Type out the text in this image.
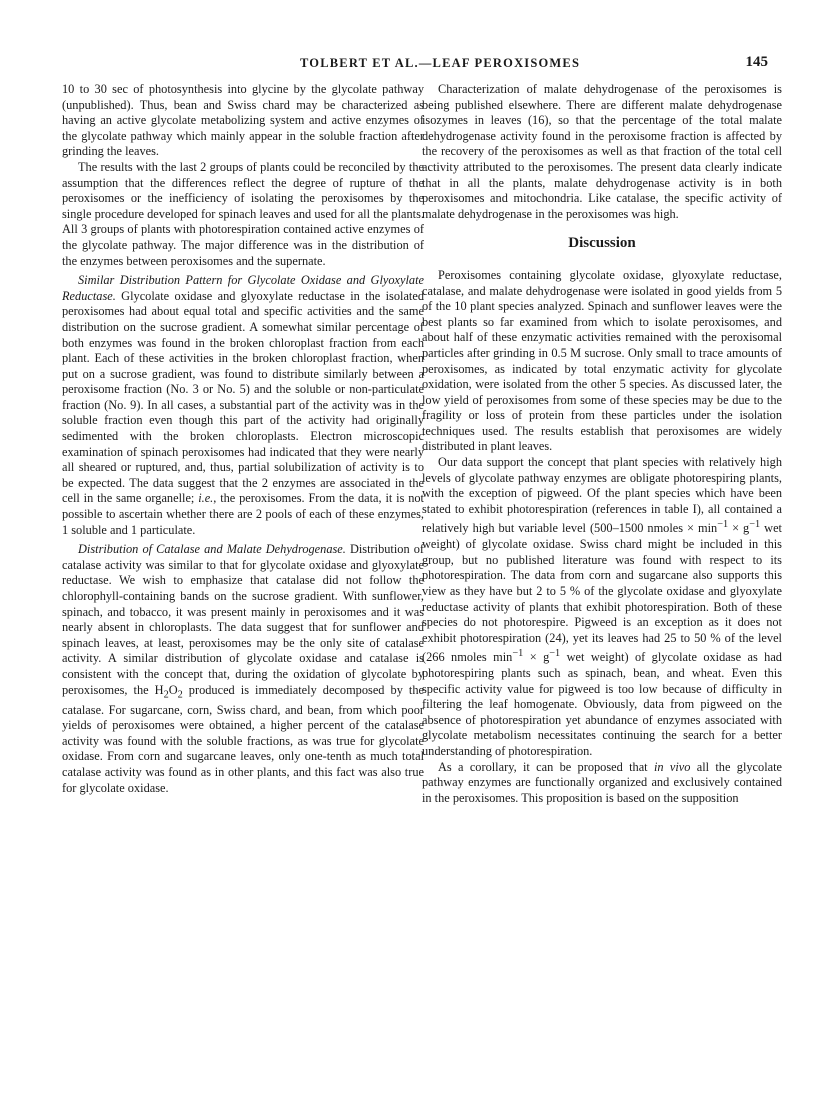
TOLBERT ET AL.—LEAF PEROXISOMES	145

10 to 30 sec of photosynthesis into glycine by the glycolate pathway (unpublished). Thus, bean and Swiss chard may be characterized as having an active glycolate metabolizing system and active enzymes of the glycolate pathway which mainly appear in the soluble fraction after grinding the leaves.

The results with the last 2 groups of plants could be reconciled by the assumption that the differences reflect the degree of rupture of the peroxisomes or the inefficiency of isolating the peroxisomes by the single procedure developed for spinach leaves and used for all the plants. All 3 groups of plants with photorespiration contained active enzymes of the glycolate pathway. The major difference was in the distribution of the enzymes between peroxisomes and the supernate.

Similar Distribution Pattern for Glycolate Oxidase and Glyoxylate Reductase. Glycolate oxidase and glyoxylate reductase in the isolated peroxisomes had about equal total and specific activities and the same distribution on the sucrose gradient. A somewhat similar percentage of both enzymes was found in the broken chloroplast fraction from each plant. Each of these activities in the broken chloroplast fraction, when put on a sucrose gradient, was found to distribute similarly between a peroxisome fraction (No. 3 or No. 5) and the soluble or non-particulate fraction (No. 9). In all cases, a substantial part of the activity was in the soluble fraction even though this part of the activity had originally sedimented with the broken chloroplasts. Electron microscopic examination of spinach peroxisomes had indicated that they were nearly all sheared or ruptured, and, thus, partial solubilization of activity is to be expected. The data suggest that the 2 enzymes are associated in the cell in the same organelle; i.e., the peroxisomes. From the data, it is not possible to ascertain whether there are 2 pools of each of these enzymes, 1 soluble and 1 particulate.

Distribution of Catalase and Malate Dehydrogenase. Distribution of catalase activity was similar to that for glycolate oxidase and glyoxylate reductase. We wish to emphasize that catalase did not follow the chlorophyll-containing bands on the sucrose gradient. With sunflower, spinach, and tobacco, it was present mainly in peroxisomes and it was nearly absent in chloroplasts. The data suggest that for sunflower and spinach leaves, at least, peroxisomes may be the only site of catalase activity. A similar distribution of glycolate oxidase and catalase is consistent with the concept that, during the oxidation of glycolate by peroxisomes, the $H_2O_2$ produced is immediately decomposed by the catalase. For sugarcane, corn, Swiss chard, and bean, from which poor yields of peroxisomes were obtained, a higher percent of the catalase activity was found with the soluble fractions, as was true for glycolate oxidase. From corn and sugarcane leaves, only one-tenth as much total catalase activity was found as in other plants, and this fact was also true for glycolate oxidase.

Characterization of malate dehydrogenase of the peroxisomes is being published elsewhere. There are different malate dehydrogenase isozymes in leaves (16), so that the percentage of the total malate dehydrogenase activity found in the peroxisome fraction is affected by the recovery of the peroxisomes as well as that fraction of the total cell activity attributed to the peroxisomes. The present data clearly indicate that in all the plants, malate dehydrogenase activity is in both peroxisomes and mitochondria. Like catalase, the specific activity of malate dehydrogenase in the peroxisomes was high.

Discussion

Peroxisomes containing glycolate oxidase, glyoxylate reductase, catalase, and malate dehydrogenase were isolated in good yields from 5 of the 10 plant species analyzed. Spinach and sunflower leaves were the best plants so far examined from which to isolate peroxisomes, and about half of these enzymatic activities remained with the peroxisomal particles after grinding in 0.5 M sucrose. Only small to trace amounts of peroxisomes, as indicated by total enzymatic activity for glycolate oxidation, were isolated from the other 5 species. As discussed later, the low yield of peroxisomes from some of these species may be due to the fragility or loss of protein from these particles under the isolation techniques used. The results establish that peroxisomes are widely distributed in plant leaves.

Our data support the concept that plant species with relatively high levels of glycolate pathway enzymes are obligate photorespiring plants, with the exception of pigweed. Of the plant species which have been stated to exhibit photorespiration (references in table I), all contained a relatively high but variable level (500–1500 nmoles × $\min^{-1} \times g^{-1}$ wet weight) of glycolate oxidase. Swiss chard might be included in this group, but no published literature was found with respect to its photorespiration. The data from corn and sugarcane also supports this view as they have but 2 to 5 % of the glycolate oxidase and glyoxylate reductase activity of plants that exhibit photorespiration. Both of these species do not photorespire. Pigweed is an exception as it does not exhibit photorespiration (24), yet its leaves had 25 to 50 % of the level (266 nmoles $\min^{-1} \times g^{-1}$ wet weight) of glycolate oxidase as had photorespiring plants such as spinach, bean, and wheat. Even this specific activity value for pigweed is too low because of difficulty in filtering the leaf homogenate. Obviously, data from pigweed on the absence of photorespiration yet abundance of enzymes associated with glycolate metabolism necessitates continuing the search for a better understanding of photorespiration.

As a corollary, it can be proposed that in vivo all the glycolate pathway enzymes are functionally organized and exclusively contained in the peroxisomes. This proposition is based on the supposition
